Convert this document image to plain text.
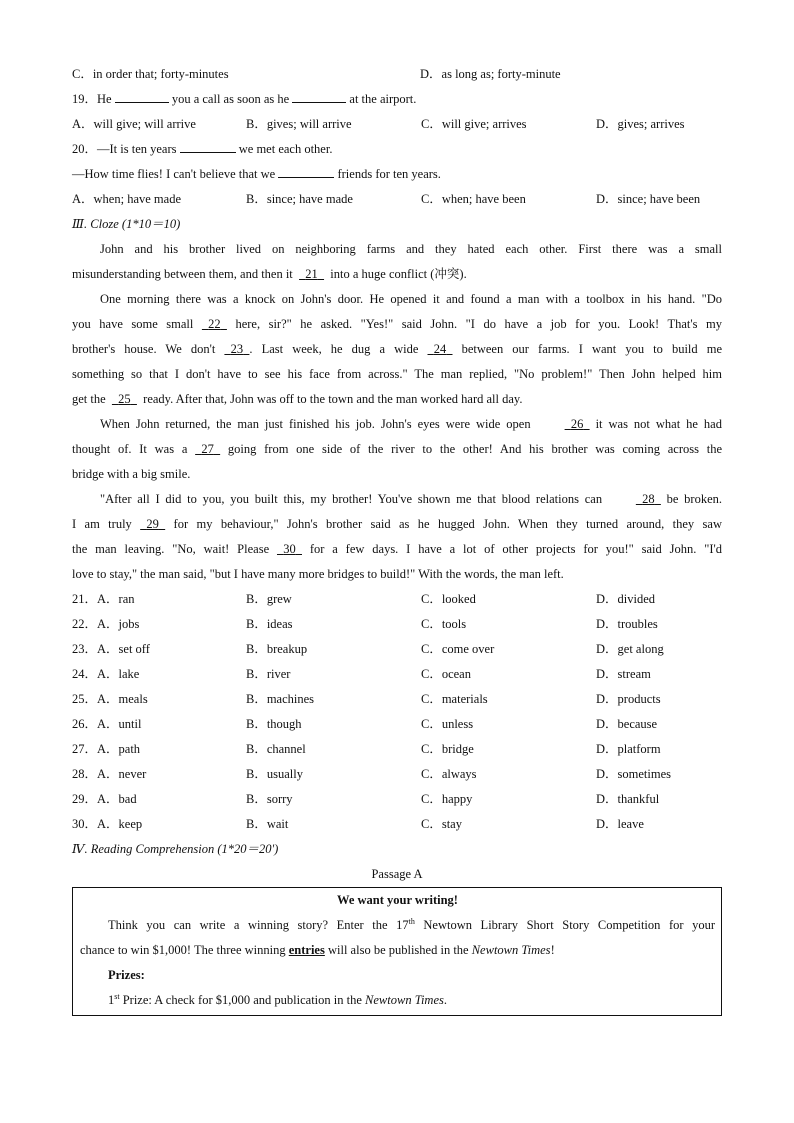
C．in order that; forty-minutes	D．as long as; forty-minute
19．He	you a call as soon as he	at the airport.
A．will give; will arrive	B．gives; will arrive	C．will give; arrives	D．gives; arrives
20．—It is ten years	we met each other.
—How time flies! I can't believe that we	friends for ten years.
A．when; have made	B．since; have made	C．when; have been	D．since; have been
Ⅲ. Cloze (1*10＝10)
John and his brother lived on neighboring farms and they hated each other. First there was a small
misunderstanding between them, and then it 21 into a huge conflict (冲突).
One morning there was a knock on John's door. He opened it and found a man with a toolbox in his hand. "Do
you have some small 22 here, sir?" he asked. "Yes!" said John. "I do have a job for you. Look! That's my
brother's house. We don't 23 . Last week, he dug a wide 24 between our farms. I want you to build me
something so that I don't have to see his face from across." The man replied, "No problem!" Then John helped him
get the 25 ready. After that, John was off to the town and the man worked hard all day.
When John returned, the man just finished his job. John's eyes were wide open	26 it was not what he had
thought of. It was a 27 going from one side of the river to the other! And his brother was coming across the
bridge with a big smile.
"After all I did to you, you built this, my brother! You've shown me that blood relations can	28 be broken.
I am truly 29 for my behaviour," John's brother said as he hugged John. When they turned around, they saw
the man leaving. "No, wait! Please 30 for a few days. I have a lot of other projects for you!" said John. "I'd
love to stay," the man said, "but I have many more bridges to build!" With the words, the man left.
21．A．ran	B．grew	C．looked	D．divided
22．A．jobs	B．ideas	C．tools	D．troubles
23．A．set off	B．breakup	C．come over	D．get along
24．A．lake	B．river	C．ocean	D．stream
25．A．meals	B．machines	C．materials	D．products
26．A．until	B．though	C．unless	D．because
27．A．path	B．channel	C．bridge	D．platform
28．A．never	B．usually	C．always	D．sometimes
29．A．bad	B．sorry	C．happy	D．thankful
30．A．keep	B．wait	C．stay	D．leave
Ⅳ. Reading Comprehension (1*20＝20')
Passage A
We want your writing!
Think you can write a winning story? Enter the 17th Newtown Library Short Story Competition for your
chance to win $1,000! The three winning entries will also be published in the Newtown Times!
Prizes:
1st Prize: A check for $1,000 and publication in the Newtown Times.
